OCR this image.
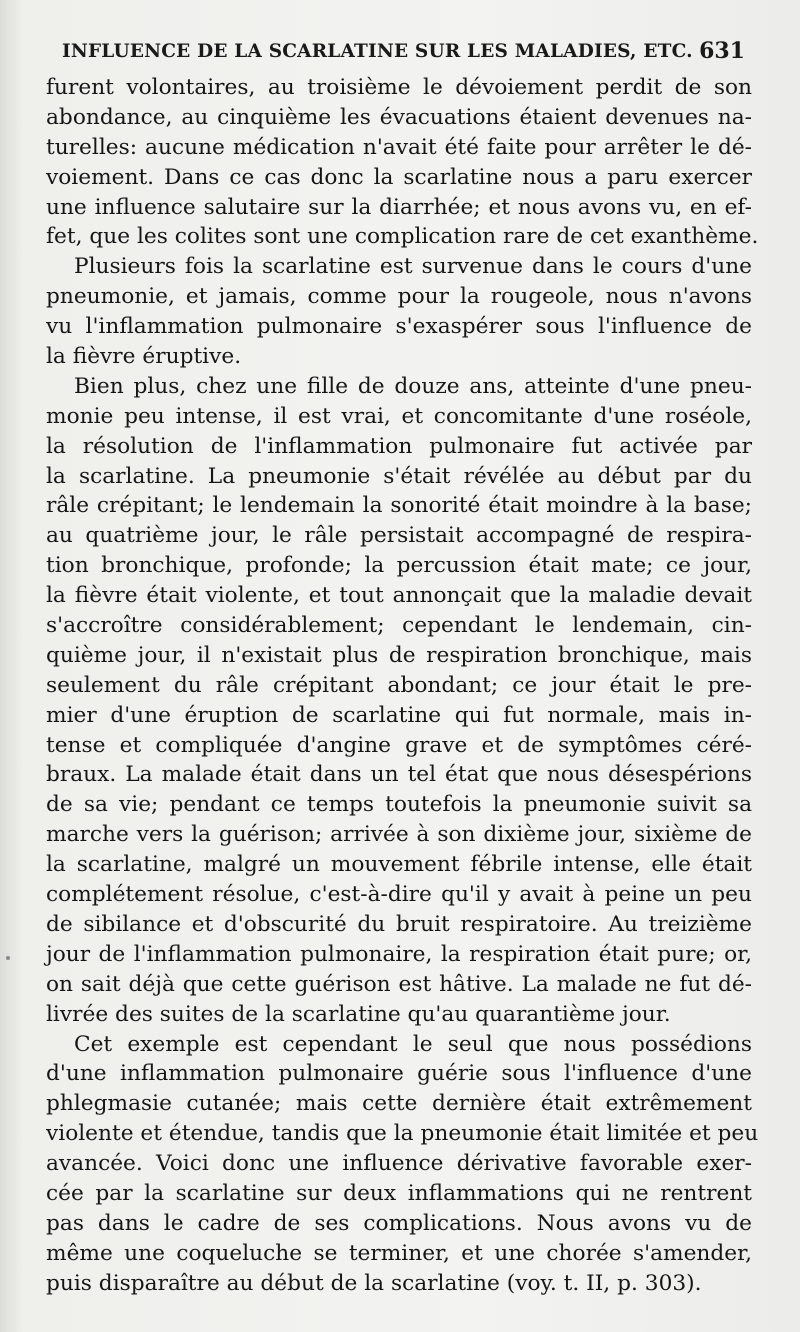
INFLUENCE DE LA SCARLATINE SUR LES MALADIES, ETC. 631
furent volontaires, au troisième le dévoiement perdit de son
abondance, au cinquième les évacuations étaient devenues na-
turelles: aucune médication n'avait été faite pour arrêter le dé-
voiement. Dans ce cas donc la scarlatine nous a paru exercer
une influence salutaire sur la diarrhée; et nous avons vu, en ef-
fet, que les colites sont une complication rare de cet exanthème.
Plusieurs fois la scarlatine est survenue dans le cours d'une
pneumonie, et jamais, comme pour la rougeole, nous n'avons
vu l'inflammation pulmonaire s'exaspérer sous l'influence de
la fièvre éruptive.
Bien plus, chez une fille de douze ans, atteinte d'une pneu-
monie peu intense, il est vrai, et concomitante d'une roséole,
la résolution de l'inflammation pulmonaire fut activée par
la scarlatine. La pneumonie s'était révélée au début par du
râle crépitant; le lendemain la sonorité était moindre à la base;
au quatrième jour, le râle persistait accompagné de respira-
tion bronchique, profonde; la percussion était mate; ce jour,
la fièvre était violente, et tout annonçait que la maladie devait
s'accroître considérablement; cependant le lendemain, cin-
quième jour, il n'existait plus de respiration bronchique, mais
seulement du râle crépitant abondant; ce jour était le pre-
mier d'une éruption de scarlatine qui fut normale, mais in-
tense et compliquée d'angine grave et de symptômes céré-
braux. La malade était dans un tel état que nous désespérions
de sa vie; pendant ce temps toutefois la pneumonie suivit sa
marche vers la guérison; arrivée à son dixième jour, sixième de
la scarlatine, malgré un mouvement fébrile intense, elle était
complétement résolue, c'est-à-dire qu'il y avait à peine un peu
de sibilance et d'obscurité du bruit respiratoire. Au treizième
jour de l'inflammation pulmonaire, la respiration était pure; or,
on sait déjà que cette guérison est hâtive. La malade ne fut dé-
livrée des suites de la scarlatine qu'au quarantième jour.
Cet exemple est cependant le seul que nous possédions
d'une inflammation pulmonaire guérie sous l'influence d'une
phlegmasie cutanée; mais cette dernière était extrêmement
violente et étendue, tandis que la pneumonie était limitée et peu
avancée. Voici donc une influence dérivative favorable exer-
cée par la scarlatine sur deux inflammations qui ne rentrent
pas dans le cadre de ses complications. Nous avons vu de
même une coqueluche se terminer, et une chorée s'amender,
puis disparaître au début de la scarlatine (voy. t. II, p. 303).
